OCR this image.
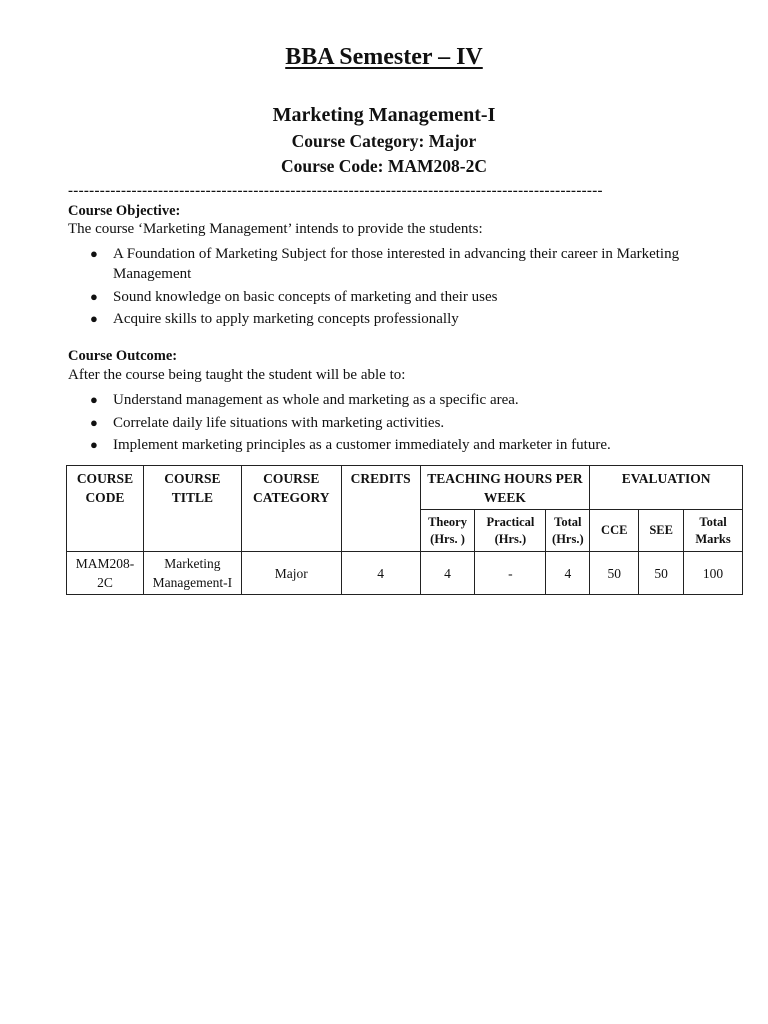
BBA Semester – IV
Marketing Management-I
Course Category: Major
Course Code: MAM208-2C
-----------------------------------------------------------------------------------------------------
Course Objective:
The course ‘Marketing Management’ intends to provide the students:
● A Foundation of Marketing Subject for those interested in advancing their career in Marketing Management
● Sound knowledge on basic concepts of marketing and their uses
● Acquire skills to apply marketing concepts professionally
Course Outcome:
After the course being taught the student will be able to:
● Understand management as whole and marketing as a specific area.
● Correlate daily life situations with marketing activities.
● Implement marketing principles as a customer immediately and marketer in future.
COURSE CODE	COURSE TITLE	COURSE CATEGORY	CREDITS	TEACHING HOURS PER WEEK			EVALUATION		
				Theory (Hrs. )	Practical (Hrs.)	Total (Hrs.)	CCE	SEE	Total Marks
MAM208-2C	Marketing Management-I	Major	4	4	-	4	50	50	100
